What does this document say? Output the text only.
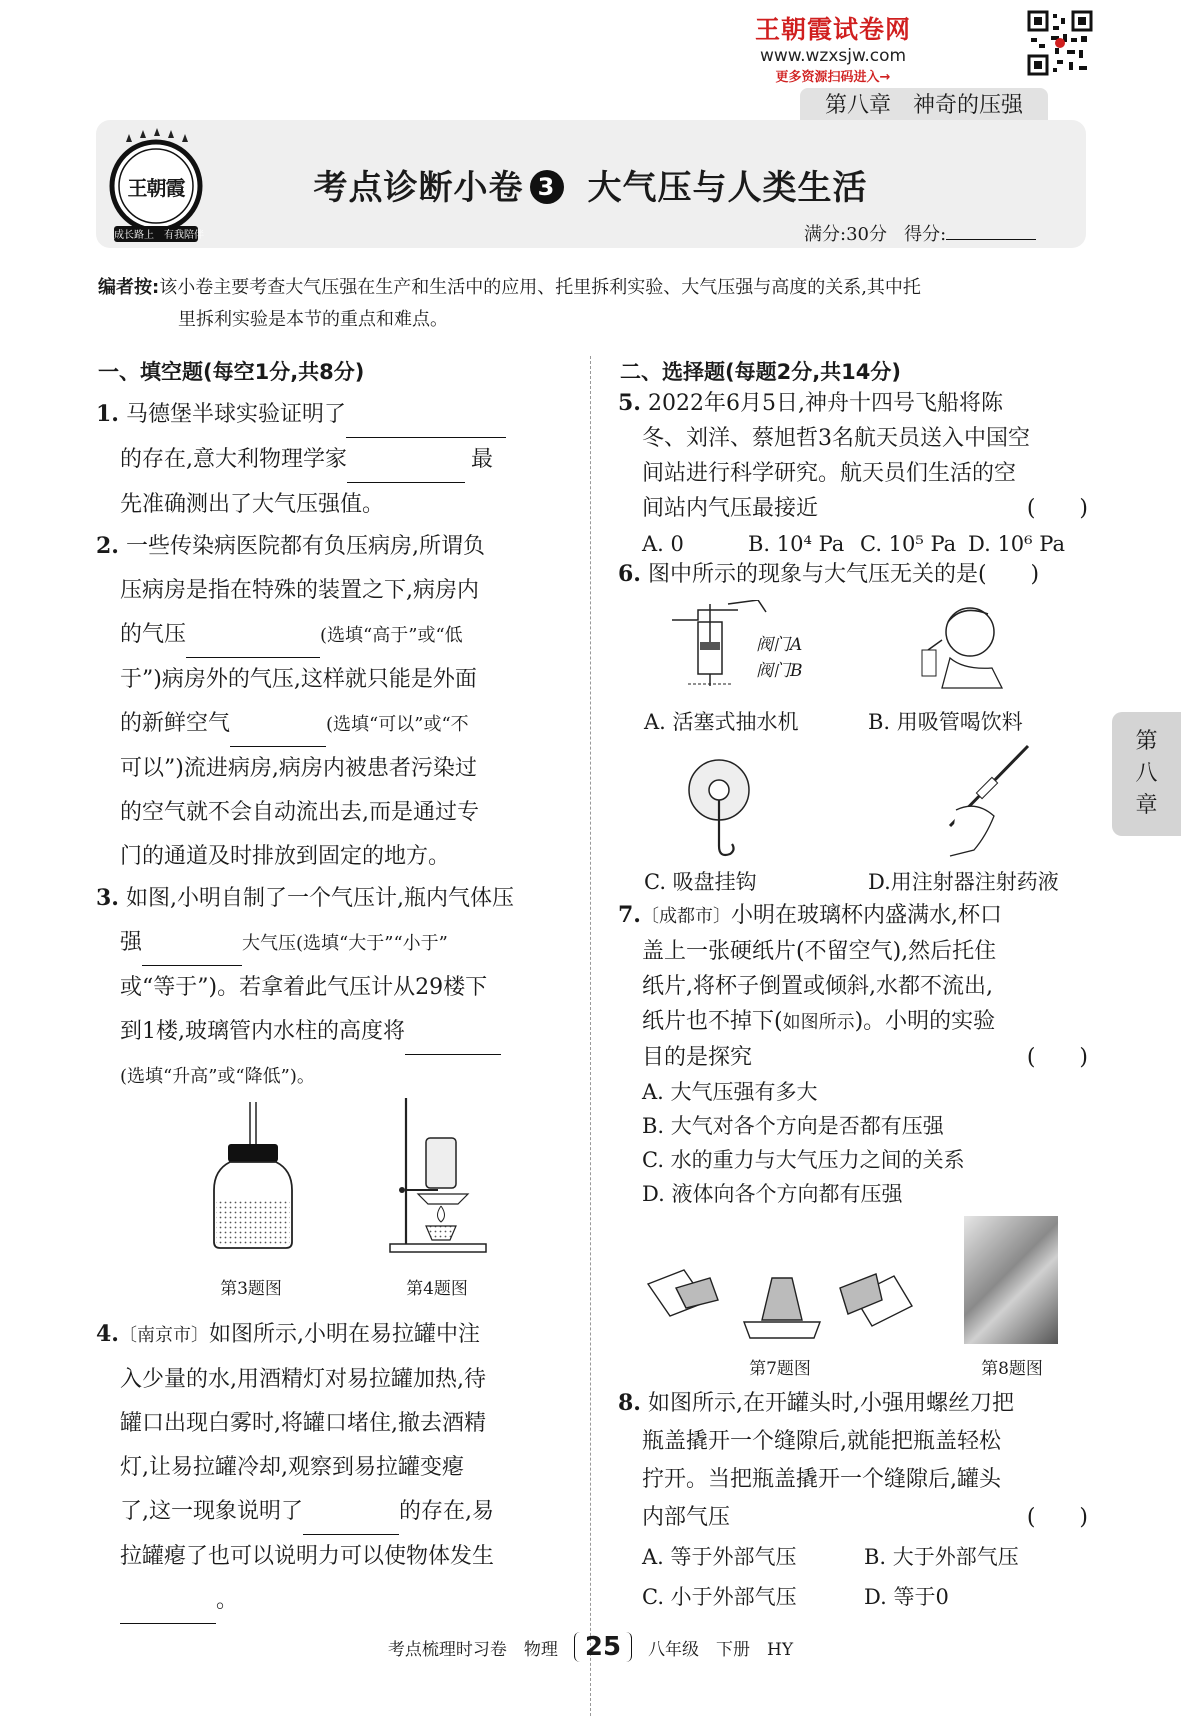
王朝霞试卷网
www.wzxsjw.com
更多资源扫码进入→
第八章　神奇的压强
王朝霞
成长路上　有我陪伴
考点诊断小卷 3 大气压与人类生活
满分:30分 得分:
编者按:该小卷主要考查大气压强在生产和生活中的应用、托里拆利实验、大气压强与高度的关系,其中托
里拆利实验是本节的重点和难点。
一、填空题(每空1分,共8分)
1. 马德堡半球实验证明了
的存在,意大利物理学家	最
先准确测出了大气压强值。
2. 一些传染病医院都有负压病房,所谓负
压病房是指在特殊的装置之下,病房内
的气压	(选填“高于”或“低
于”)病房外的气压,这样就只能是外面
的新鲜空气	(选填“可以”或“不
可以”)流进病房,病房内被患者污染过
的空气就不会自动流出去,而是通过专
门的通道及时排放到固定的地方。
3. 如图,小明自制了一个气压计,瓶内气体压
强	大气压(选填“大于”“小于”
或“等于”)。若拿着此气压计从29楼下
到1楼,玻璃管内水柱的高度将
(选填“升高”或“降低”)。
第3题图	第4题图
4.〔南京市〕如图所示,小明在易拉罐中注
入少量的水,用酒精灯对易拉罐加热,待
罐口出现白雾时,将罐口堵住,撤去酒精
灯,让易拉罐冷却,观察到易拉罐变瘪
了,这一现象说明了	的存在,易
拉罐瘪了也可以说明力可以使物体发生
。
二、选择题(每题2分,共14分)
5. 2022年6月5日,神舟十四号飞船将陈
冬、刘洋、蔡旭哲3名航天员送入中国空
间站进行科学研究。航天员们生活的空
间站内气压最接近	(　　)
A. 0	B. 10⁴ Pa C. 10⁵ Pa D. 10⁶ Pa
6. 图中所示的现象与大气压无关的是(　　)
阀门A
阀门B
A. 活塞式抽水机	B. 用吸管喝饮料
C. 吸盘挂钩	D.用注射器注射药液
7.〔成都市〕小明在玻璃杯内盛满水,杯口
盖上一张硬纸片(不留空气),然后托住
纸片,将杯子倒置或倾斜,水都不流出,
纸片也不掉下(如图所示)。小明的实验
目的是探究	(　　)
A. 大气压强有多大
B. 大气对各个方向是否都有压强
C. 水的重力与大气压力之间的关系
D. 液体向各个方向都有压强
第7题图	第8题图
8. 如图所示,在开罐头时,小强用螺丝刀把
瓶盖撬开一个缝隙后,就能把瓶盖轻松
拧开。当把瓶盖撬开一个缝隙后,罐头
内部气压	(　　)
A. 等于外部气压	B. 大于外部气压
C. 小于外部气压	D. 等于0
第
八
章
考点梳理时习卷　物理 25 八年级　下册　HY
